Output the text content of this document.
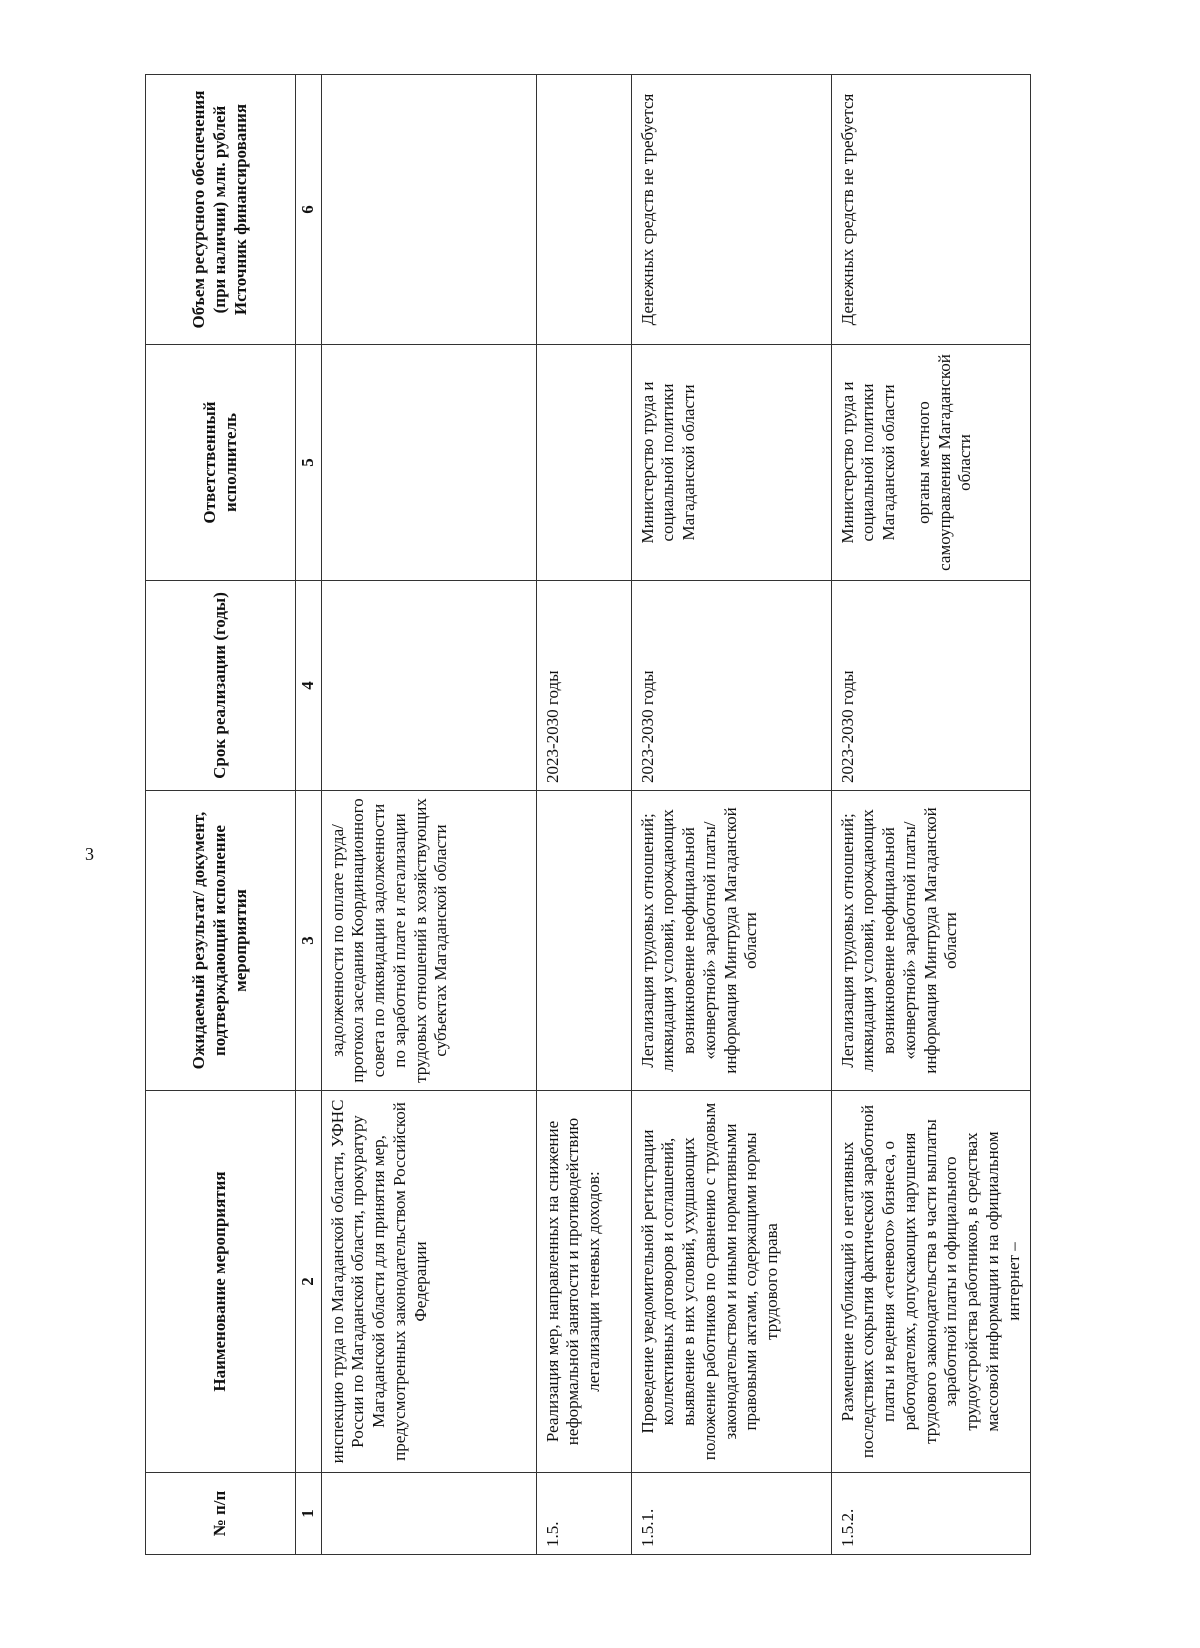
3
№ п/п	Наименование мероприятия	Ожидаемый результат/ документ, подтверждающий исполнение мероприятия	Срок реализации (годы)	Ответственный исполнитель	Объем ресурсного обеспечения (при наличии) млн. рублей Источник финансирования
1	2	3	4	5	6
	инспекцию труда по Магаданской области, УФНС России по Магаданской области, прокуратуру Магаданской области для принятия мер, предусмотренных законодательством Российской Федерации	задолженности по оплате труда/протокол заседания Координационного совета по ликвидации задолженности по заработной плате и легализации трудовых отношений в хозяйствующих субъектах Магаданской области			
1.5.	Реализация мер, направленных на снижение неформальной занятости и противодействию легализации теневых доходов:		2023-2030 годы		
1.5.1.	Проведение уведомительной регистрации коллективных договоров и соглашений, выявление в них условий, ухудшающих положение работников по сравнению с трудовым законодательством и иными нормативными правовыми актами, содержащими нормы трудового права	Легализация трудовых отношений; ликвидация условий, порождающих возникновение неофициальной «конвертной» заработной платы/информация Минтруда Магаданской области	2023-2030 годы	Министерство труда и социальной политики Магаданской области	Денежных средств не требуется
1.5.2.	Размещение публикаций о негативных последствиях сокрытия фактической заработной платы и ведения «теневого» бизнеса, о работодателях, допускающих нарушения трудового законодательства в части выплаты заработной платы и официального трудоустройства работников, в средствах массовой информации и на официальном интернет –	Легализация трудовых отношений; ликвидация условий, порождающих возникновение неофициальной «конвертной» заработной платы/информация Минтруда Магаданской области	2023-2030 годы	Министерство труда и социальной политики Магаданской области органы местного самоуправления Магаданской области	Денежных средств не требуется
